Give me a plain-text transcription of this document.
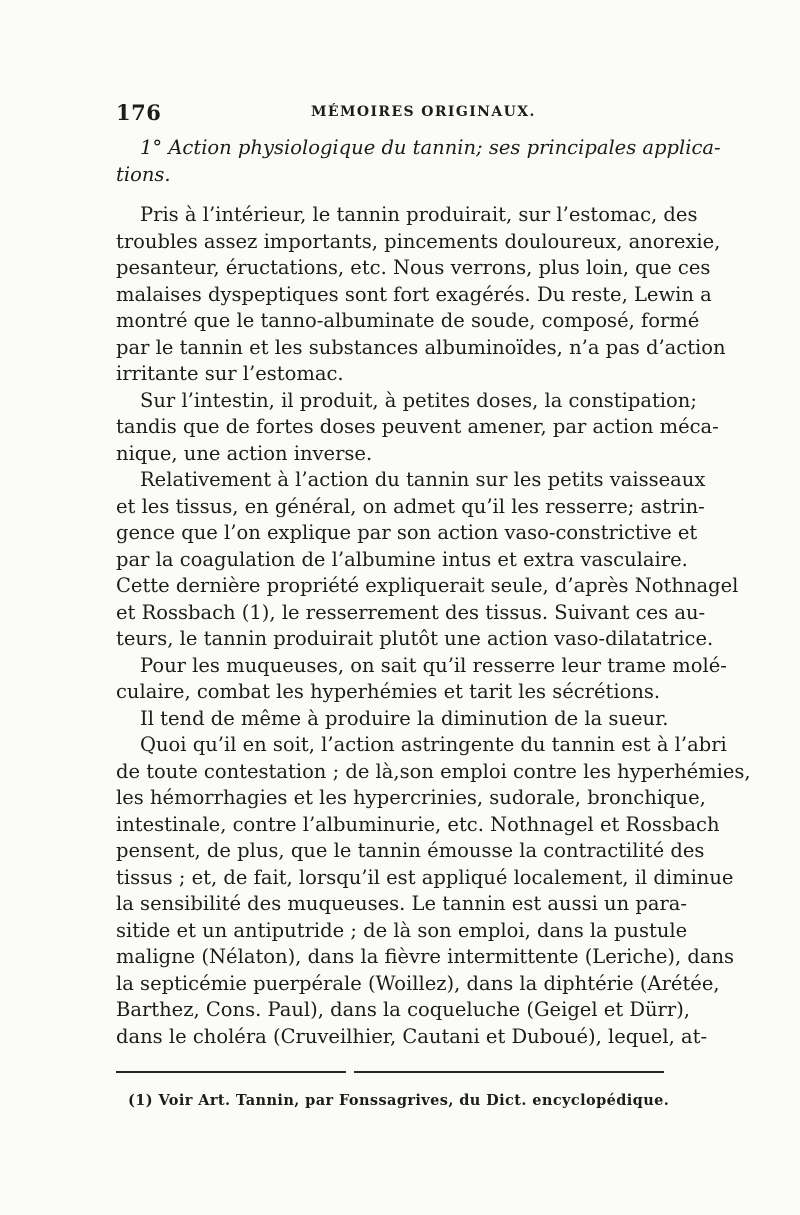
176	MÉMOIRES ORIGINAUX.
1° Action physiologique du tannin; ses principales applica-
tions.
Pris à l’intérieur, le tannin produirait, sur l’estomac, des
troubles assez importants, pincements douloureux, anorexie,
pesanteur, éructations, etc. Nous verrons, plus loin, que ces
malaises dyspeptiques sont fort exagérés. Du reste, Lewin a
montré que le tanno-albuminate de soude, composé, formé
par le tannin et les substances albuminoïdes, n’a pas d’action
irritante sur l’estomac.
Sur l’intestin, il produit, à petites doses, la constipation;
tandis que de fortes doses peuvent amener, par action méca-
nique, une action inverse.
Relativement à l’action du tannin sur les petits vaisseaux
et les tissus, en général, on admet qu’il les resserre; astrin-
gence que l’on explique par son action vaso-constrictive et
par la coagulation de l’albumine intus et extra vasculaire.
Cette dernière propriété expliquerait seule, d’après Nothnagel
et Rossbach (1), le resserrement des tissus. Suivant ces au-
teurs, le tannin produirait plutôt une action vaso-dilatatrice.
Pour les muqueuses, on sait qu’il resserre leur trame molé-
culaire, combat les hyperhémies et tarit les sécrétions.
Il tend de même à produire la diminution de la sueur.
Quoi qu’il en soit, l’action astringente du tannin est à l’abri
de toute contestation ; de là,son emploi contre les hyperhémies,
les hémorrhagies et les hypercrinies, sudorale, bronchique,
intestinale, contre l’albuminurie, etc. Nothnagel et Rossbach
pensent, de plus, que le tannin émousse la contractilité des
tissus ; et, de fait, lorsqu’il est appliqué localement, il diminue
la sensibilité des muqueuses. Le tannin est aussi un para-
sitide et un antiputride ; de là son emploi, dans la pustule
maligne (Nélaton), dans la fièvre intermittente (Leriche), dans
la septicémie puerpérale (Woillez), dans la diphtérie (Arétée,
Barthez, Cons. Paul), dans la coqueluche (Geigel et Dürr),
dans le choléra (Cruveilhier, Cautani et Duboué), lequel, at-
(1) Voir Art. Tannin, par Fonssagrives, du Dict. encyclopédique.
